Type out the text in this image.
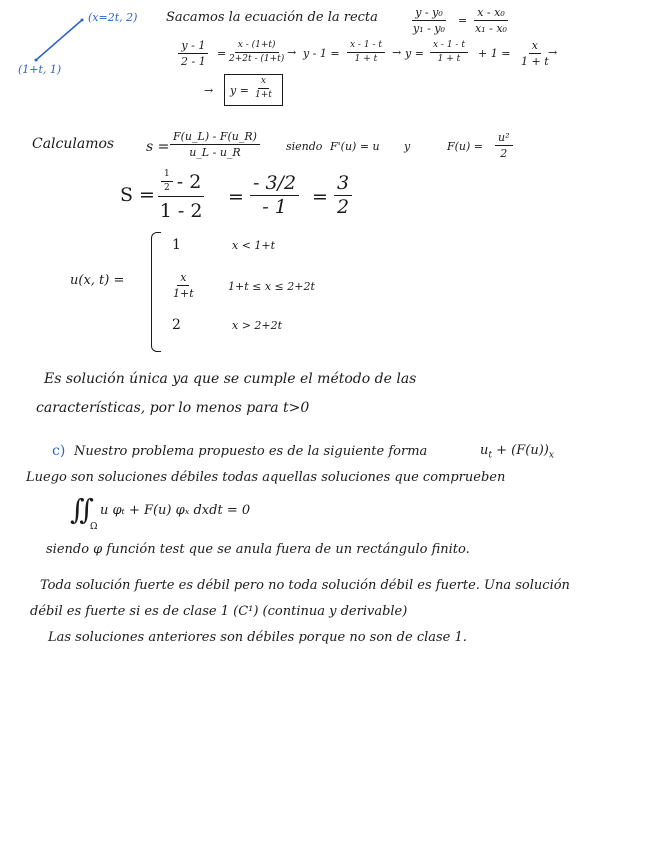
(x=2t, 2)
(1+t, 1)
Sacamos la ecuación de la recta	$\frac{\text{y - y₀}}{\text{y₁ - y₀}} = \frac{\text{x - x₀}}{\text{x₁ - x₀}}$
$\frac{y - 1}{2 - 1} = \frac{x - (1+t)}{2+2t - (1+t)} \to y - 1 = \frac{x - 1 - t}{1 + t} \to y = \frac{x - 1 - t}{1 + t} + 1 = \frac{x}{1 + t}$
→
→ $y = \frac{x}{1+t}$
Calculamos $s = \frac{F(u\_L) - F(u\_R)}{u\_L - u\_R}$ siendo F'(u) = u y	$F(u) = \frac{\text{u²}}{2}$
S =
$\frac{1}{2} - 2$
1 - 2
= $\frac{- 3/2}{- 1} = \frac{3}{2}$
u(x, t) =
1	x < 1+t
$\frac{x}{1+t}$	1+t ≤ x ≤ 2+2t
2	x > 2+2t
Es solución única ya que se cumple el método de las
características, por lo menos para t>0
c) Nuestro problema propuesto es de la siguiente forma	$u_t + (F(u))_x$
Luego son soluciones débiles todas aquellas soluciones que comprueben
∬
Ω
u φₜ + F(u) φₓ dxdt = 0
siendo φ función test que se anula fuera de un rectángulo finito.
Toda solución fuerte es débil pero no toda solución débil es fuerte. Una solución
débil es fuerte si es de clase 1 (C¹) (continua y derivable)
Las soluciones anteriores son débiles porque no son de clase 1.
